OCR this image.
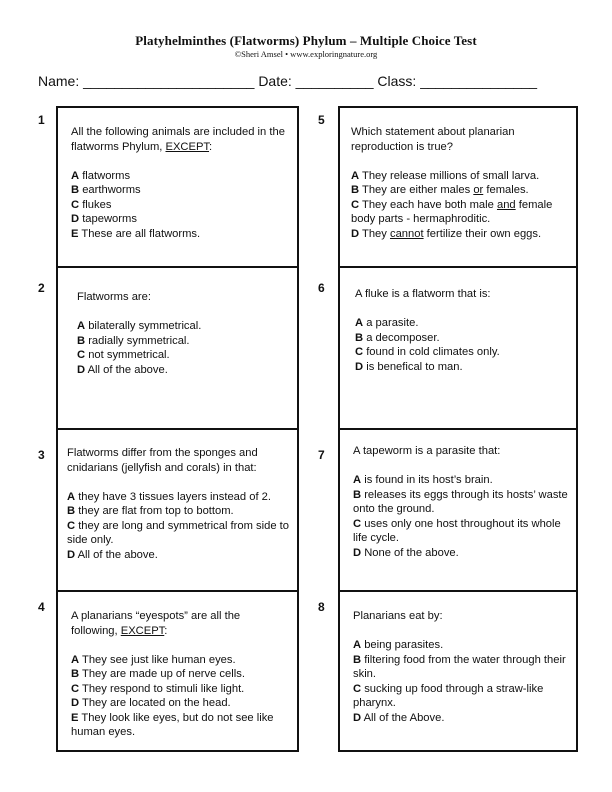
Platyhelminthes (Flatworms) Phylum – Multiple Choice Test
©Sheri Amsel • www.exploringnature.org
Name: ______________________ Date: __________ Class: _______________
1
All the following animals are included in the flatworms Phylum, EXCEPT:
A flatworms
B earthworms
C flukes
D tapeworms
E These are all flatworms.
2
Flatworms are:
A bilaterally symmetrical.
B radially symmetrical.
C not symmetrical.
D All of the above.
3	Flatworms differ from the sponges and cnidarians (jellyfish and corals) in that:
A they have 3 tissues layers instead of 2.
B they are flat from top to bottom.
C they are long and symmetrical from side to side only.
D All of the above.
4
A planarians “eyespots” are all the following, EXCEPT:
A They see just like human eyes.
B They are made up of nerve cells.
C They respond to stimuli like light.
D They are located on the head.
E They look like eyes, but do not see like human eyes.
5
Which statement about planarian reproduction is true?
A They release millions of small larva.
B They are either males or females.
C They each have both male and female body parts - hermaphroditic.
D They cannot fertilize their own eggs.
6	A fluke is a flatworm that is:
A a parasite.
B a decomposer.
C found in cold climates only.
D is benefical to man.
7	A tapeworm is a parasite that:
A is found in its host’s brain.
B releases its eggs through its hosts’ waste onto the ground.
C uses only one host throughout its whole life cycle.
D None of the above.
8
Planarians eat by:
A being parasites.
B filtering food from the water through their skin.
C sucking up food through a straw-like pharynx.
D All of the Above.
